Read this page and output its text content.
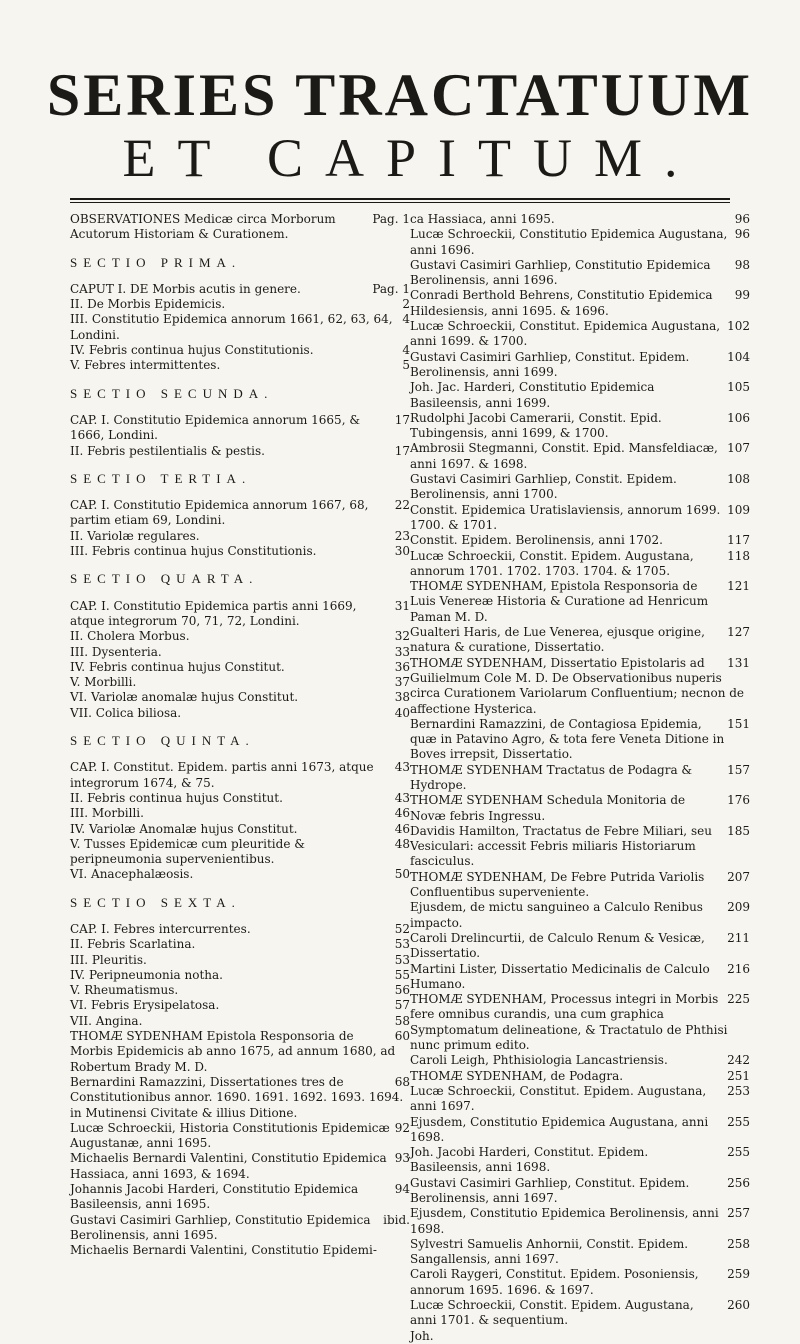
SERIES TRACTATUUM
ET CAPITUM.

Pag. 1
OBSERVATIONES Medicæ circa Morborum Acutorum Historiam & Curationem.

SECTIO PRIMA.

Pag. 1
CAPUT I. DE Morbis acutis in genere.

2
II. De Morbis Epidemicis.

4
III. Constitutio Epidemica annorum 1661, 62, 63, 64, Londini.

4
IV. Febris continua hujus Constitutionis.

5
V. Febres intermittentes.

SECTIO SECUNDA.

17
CAP. I. Constitutio Epidemica annorum 1665, & 1666, Londini.

17
II. Febris pestilentialis & pestis.

SECTIO TERTIA.

22
CAP. I. Constitutio Epidemica annorum 1667, 68, partim etiam 69, Londini.

23
II. Variolæ regulares.

30
III. Febris continua hujus Constitutionis.

SECTIO QUARTA.

31
CAP. I. Constitutio Epidemica partis anni 1669, atque integrorum 70, 71, 72, Londini.

32
II. Cholera Morbus.

33
III. Dysenteria.

36
IV. Febris continua hujus Constitut.

37
V. Morbilli.

38
VI. Variolæ anomalæ hujus Constitut.

40
VII. Colica biliosa.

SECTIO QUINTA.

43
CAP. I. Constitut. Epidem. partis anni 1673, atque integrorum 1674, & 75.

43
II. Febris continua hujus Constitut.

46
III. Morbilli.

46
IV. Variolæ Anomalæ hujus Constitut.

48
V. Tusses Epidemicæ cum pleuritide & peripneumonia supervenientibus.

50
VI. Anacephalæosis.

SECTIO SEXTA.

52
CAP. I. Febres intercurrentes.

53
II. Febris Scarlatina.

53
III. Pleuritis.

55
IV. Peripneumonia notha.

56
V. Rheumatismus.

57
VI. Febris Erysipelatosa.

58
VII. Angina.

60
THOMÆ SYDENHAM Epistola Responsoria de Morbis Epidemicis ab anno 1675, ad annum 1680, ad Robertum Brady M. D.

68
Bernardini Ramazzini, Dissertationes tres de Constitutionibus annor. 1690. 1691. 1692. 1693. 1694. in Mutinensi Civitate & illius Ditione.

92
Lucæ Schroeckii, Historia Constitutionis Epidemicæ Augustanæ, anni 1695.

93
Michaelis Bernardi Valentini, Constitutio Epidemica Hassiaca, anni 1693, & 1694.

94
Johannis Jacobi Harderi, Constitutio Epidemica Basileensis, anni 1695.

ibid.
Gustavi Casimiri Garhliep, Constitutio Epidemica Berolinensis, anni 1695.

Michaelis Bernardi Valentini, Constitutio Epidemi-

96
ca Hassiaca, anni 1695.

96
Lucæ Schroeckii, Constitutio Epidemica Augustana, anni 1696.

98
Gustavi Casimiri Garhliep, Constitutio Epidemica Berolinensis, anni 1696.

99
Conradi Berthold Behrens, Constitutio Epidemica Hildesiensis, anni 1695. & 1696.

102
Lucæ Schroeckii, Constitut. Epidemica Augustana, anni 1699. & 1700.

104
Gustavi Casimiri Garhliep, Constitut. Epidem. Berolinensis, anni 1699.

105
Joh. Jac. Harderi, Constitutio Epidemica Basileensis, anni 1699.

106
Rudolphi Jacobi Camerarii, Constit. Epid. Tubingensis, anni 1699, & 1700.

107
Ambrosii Stegmanni, Constit. Epid. Mansfeldiacæ, anni 1697. & 1698.

108
Gustavi Casimiri Garhliep, Constit. Epidem. Berolinensis, anni 1700.

109
Constit. Epidemica Uratislaviensis, annorum 1699. 1700. & 1701.

117
Constit. Epidem. Berolinensis, anni 1702.

118
Lucæ Schroeckii, Constit. Epidem. Augustana, annorum 1701. 1702. 1703. 1704. & 1705.

121
THOMÆ SYDENHAM, Epistola Responsoria de Luis Venereæ Historia & Curatione ad Henricum Paman M. D.

127
Gualteri Haris, de Lue Venerea, ejusque origine, natura & curatione, Dissertatio.

131
THOMÆ SYDENHAM, Dissertatio Epistolaris ad Guilielmum Cole M. D. De Observationibus nuperis circa Curationem Variolarum Confluentium; necnon de affectione Hysterica.

151
Bernardini Ramazzini, de Contagiosa Epidemia, quæ in Patavino Agro, & tota fere Veneta Ditione in Boves irrepsit, Dissertatio.

157
THOMÆ SYDENHAM Tractatus de Podagra & Hydrope.

176
THOMÆ SYDENHAM Schedula Monitoria de Novæ febris Ingressu.

185
Davidis Hamilton, Tractatus de Febre Miliari, seu Vesiculari: accessit Febris miliaris Historiarum fasciculus.

207
THOMÆ SYDENHAM, De Febre Putrida Variolis Confluentibus superveniente.

209
Ejusdem, de mictu sanguineo a Calculo Renibus impacto.

211
Caroli Drelincurtii, de Calculo Renum & Vesicæ, Dissertatio.

216
Martini Lister, Dissertatio Medicinalis de Calculo Humano.

225
THOMÆ SYDENHAM, Processus integri in Morbis fere omnibus curandis, una cum graphica Symptomatum delineatione, & Tractatulo de Phthisi nunc primum edito.

242
Caroli Leigh, Phthisiologia Lancastriensis.

251
THOMÆ SYDENHAM, de Podagra.

253
Lucæ Schroeckii, Constitut. Epidem. Augustana, anni 1697.

255
Ejusdem, Constitutio Epidemica Augustana, anni 1698.

255
Joh. Jacobi Harderi, Constitut. Epidem. Basileensis, anni 1698.

256
Gustavi Casimiri Garhliep, Constitut. Epidem. Berolinensis, anni 1697.

257
Ejusdem, Constitutio Epidemica Berolinensis, anni 1698.

258
Sylvestri Samuelis Anhornii, Constit. Epidem. Sangallensis, anni 1697.

259
Caroli Raygeri, Constitut. Epidem. Posoniensis, annorum 1695. 1696. & 1697.

260
Lucæ Schroeckii, Constit. Epidem. Augustana, anni 1701. & sequentium.

Joh.
